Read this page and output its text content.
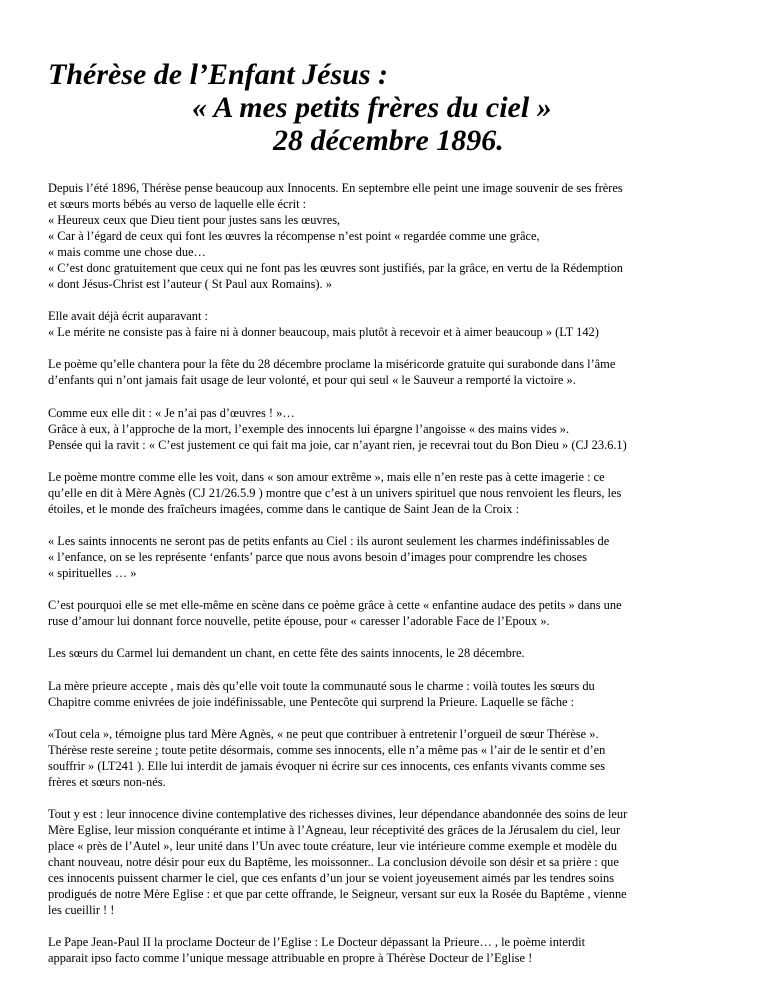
Thérèse de l’Enfant Jésus :
« A mes petits frères du ciel »
28 décembre 1896.

Depuis l’été 1896, Thérèse pense beaucoup aux Innocents. En septembre elle peint une image souvenir de ses frères
et sœurs morts bébés au verso de laquelle elle écrit :
« Heureux ceux que Dieu tient pour justes sans les œuvres,
« Car à l’égard de ceux qui font les œuvres la récompense n’est point « regardée comme une grâce,
« mais comme une chose due…
« C’est donc gratuitement que ceux qui ne font pas les œuvres sont justifiés, par la grâce, en vertu de la Rédemption
« dont Jésus-Christ est l’auteur ( St Paul aux Romains). »

Elle avait déjà écrit auparavant :
« Le mérite ne consiste pas à faire ni à donner beaucoup, mais plutôt à recevoir et à aimer beaucoup » (LT 142)

Le poème qu’elle chantera pour la fête du 28 décembre proclame la miséricorde gratuite qui surabonde dans l’âme
d’enfants qui n’ont jamais fait usage de leur volonté, et pour qui seul « le Sauveur a remporté la victoire ».

Comme eux elle dit : « Je n’ai pas d’œuvres ! »…
Grâce à eux, à l’approche de la mort, l’exemple des innocents lui épargne l’angoisse « des mains vides ».
Pensée qui la ravit : « C’est justement ce qui fait ma joie, car n’ayant rien, je recevrai tout du Bon Dieu » (CJ 23.6.1)

Le poème montre comme elle les voit, dans « son amour extrême », mais elle n’en reste pas à cette imagerie : ce
qu’elle en dit à Mère Agnès (CJ 21/26.5.9 ) montre que c’est à un univers spirituel que nous renvoient les fleurs, les
étoiles, et le monde des fraîcheurs imagées, comme dans le cantique de Saint Jean de la Croix :

« Les saints innocents ne seront pas de petits enfants au Ciel : ils auront seulement les charmes indéfinissables de
« l’enfance, on se les représente ‘enfants’ parce que nous avons besoin d’images pour comprendre les choses
« spirituelles … »

C’est pourquoi elle se met elle-même en scène dans ce poème grâce à cette « enfantine audace des petits » dans une
ruse d’amour lui donnant force nouvelle, petite épouse, pour « caresser l’adorable Face de l’Epoux ».

Les sœurs du Carmel lui demandent un chant, en cette fête des saints innocents, le 28 décembre.

La mère prieure accepte , mais dès qu’elle voit toute la communauté sous le charme : voilà toutes les sœurs du
Chapitre comme enivrées de joie indéfinissable, une Pentecôte qui surprend la Prieure. Laquelle se fâche :

«Tout cela », témoigne plus tard Mère Agnès, « ne peut que contribuer à entretenir l’orgueil de sœur Thérèse ».
Thérèse reste sereine ; toute petite désormais, comme ses innocents, elle n’a même pas « l’air de le sentir et d’en
souffrir » (LT241 ). Elle lui interdit de jamais évoquer ni écrire sur ces innocents, ces enfants vivants comme ses
frères et sœurs non-nés.

Tout y est : leur innocence divine contemplative des richesses divines, leur dépendance abandonnée des soins de leur
Mère Eglise, leur mission conquérante et intime à l’Agneau, leur réceptivité des grâces de la Jérusalem du ciel, leur
place « près de l’Autel », leur unité dans l’Un avec toute créature, leur vie intérieure comme exemple et modèle du
chant nouveau, notre désir pour eux du Baptême, les moissonner.. La conclusion dévoile son désir et sa prière : que
ces innocents puissent charmer le ciel, que ces enfants d’un jour se voient joyeusement aimés par les tendres soins
prodigués de notre Mère Eglise : et que par cette offrande, le Seigneur, versant sur eux la Rosée du Baptême , vienne
les cueillir ! !

Le Pape Jean-Paul II la proclame Docteur de l’Eglise : Le Docteur dépassant la Prieure… , le poème interdit
apparait ipso facto comme l’unique message attribuable en propre à Thérèse Docteur de l’Eglise !
